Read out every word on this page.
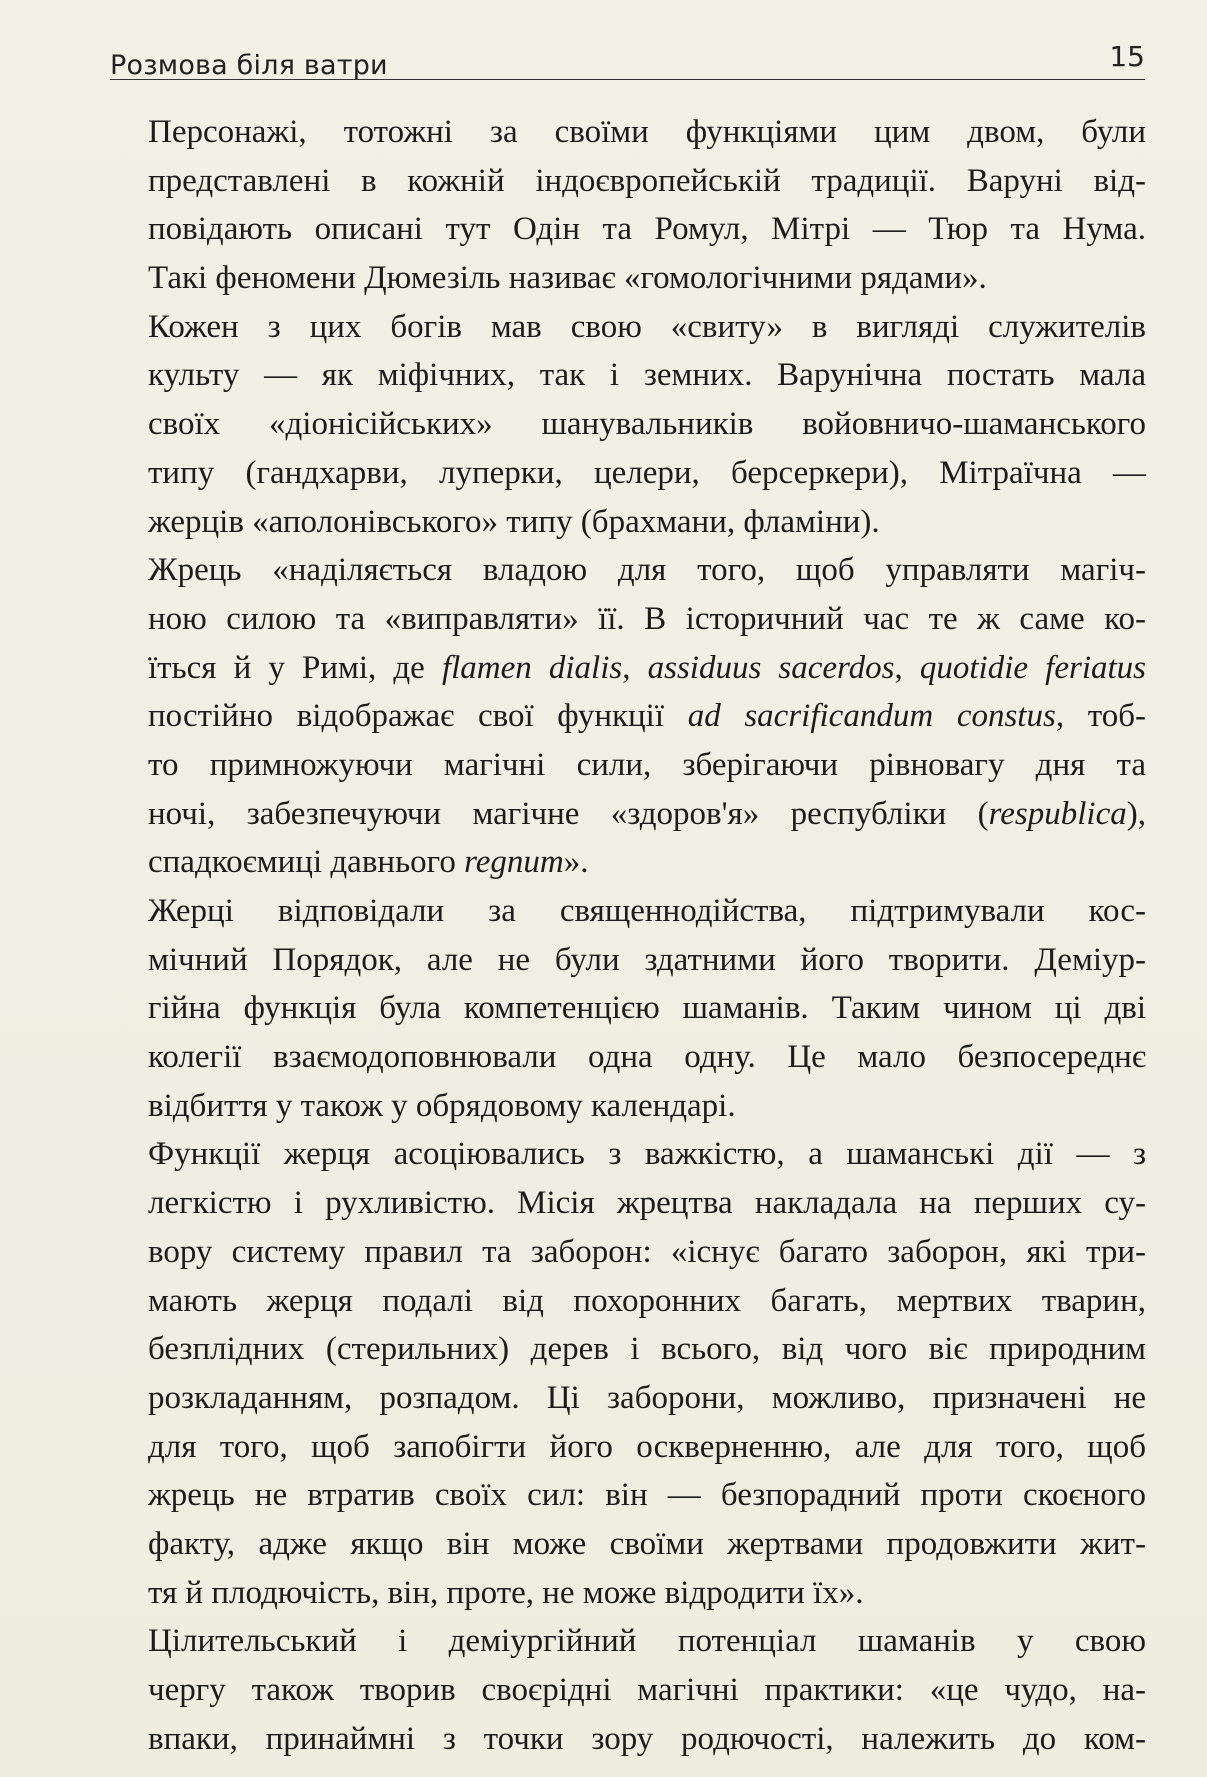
Розмова біля ватри	15
Персонажі, тотожні за своїми функціями цим двом, були
представлені в кожній індоєвропейській традиції. Варуні від-
повідають описані тут Одін та Ромул, Мітрі — Тюр та Нума.
Такі феномени Дюмезіль називає «гомологічними рядами».
Кожен з цих богів мав свою «свиту» в вигляді служителів
культу — як міфічних, так і земних. Варунічна постать мала
своїх «діонісійських» шанувальників войовничо-шаманського
типу (гандхарви, луперки, целери, берсеркери), Мітраїчна —
жерців «аполонівського» типу (брахмани, фламіни).
Жрець «наділяється владою для того, щоб управляти магіч-
ною силою та «виправляти» її. В історичний час те ж саме ко-
їться й у Римі, де flamen dialis, assiduus sacerdos, quotidie feriatus
постійно відображає свої функції ad sacrificandum constus, тоб-
то примножуючи магічні сили, зберігаючи рівновагу дня та
ночі, забезпечуючи магічне «здоров'я» республіки (respublica),
спадкоємиці давнього regnum».
Жерці відповідали за священнодійства, підтримували кос-
мічний Порядок, але не були здатними його творити. Деміур-
гійна функція була компетенцією шаманів. Таким чином ці дві
колегії взаємодоповнювали одна одну. Це мало безпосереднє
відбиття у також у обрядовому календарі.
Функції жерця асоціювались з важкістю, а шаманські дії — з
легкістю і рухливістю. Місія жрецтва накладала на перших су-
вору систему правил та заборон: «існує багато заборон, які три-
мають жерця подалі від похоронних багать, мертвих тварин,
безплідних (стерильних) дерев і всього, від чого віє природним
розкладанням, розпадом. Ці заборони, можливо, призначені не
для того, щоб запобігти його оскверненню, але для того, щоб
жрець не втратив своїх сил: він — безпорадний проти скоєного
факту, адже якщо він може своїми жертвами продовжити жит-
тя й плодючість, він, проте, не може відродити їх».
Цілительський і деміургійний потенціал шаманів у свою
чергу також творив своєрідні магічні практики: «це чудо, на-
впаки, принаймні з точки зору родючості, належить до ком-
